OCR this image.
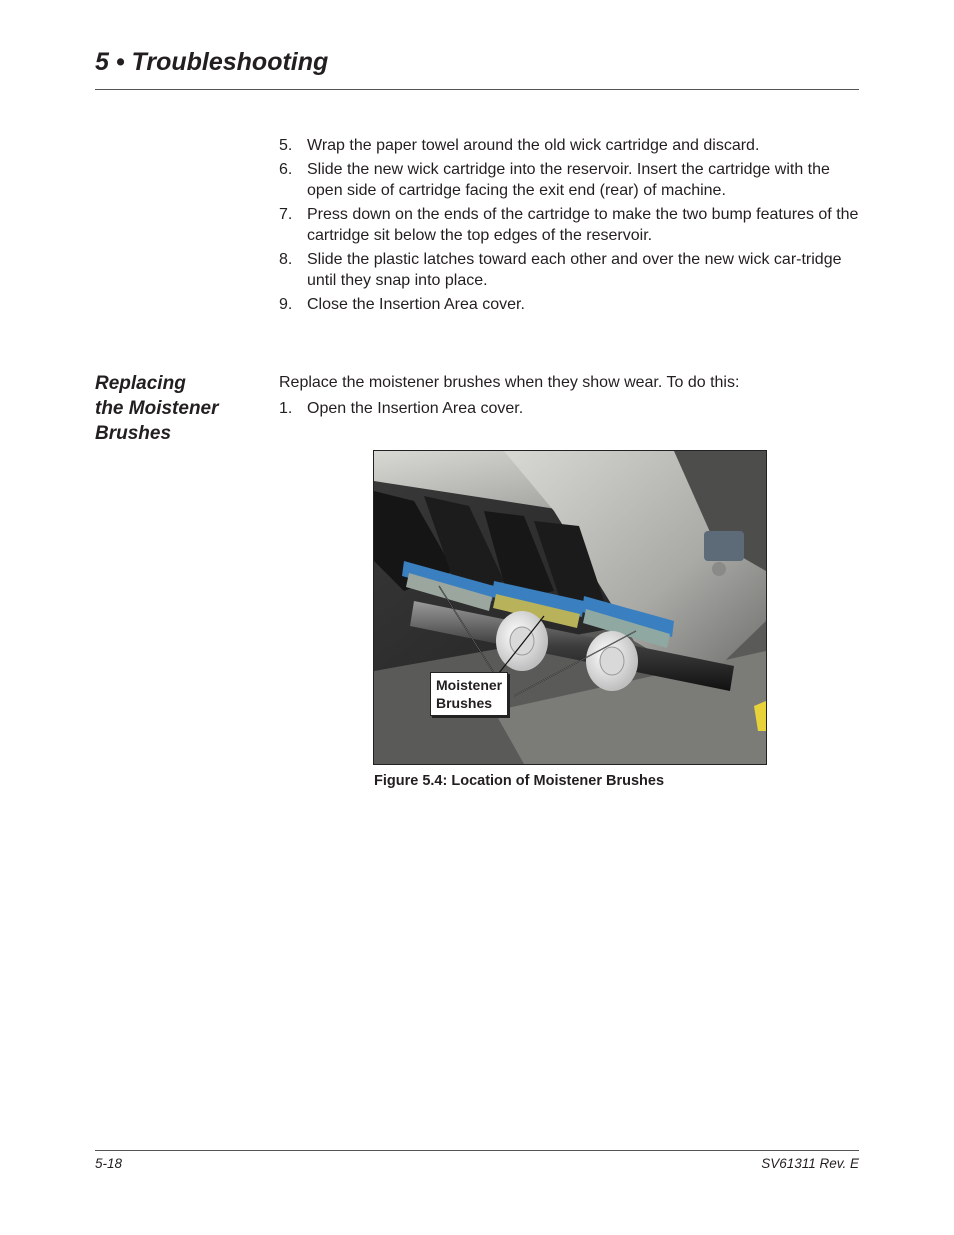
5 • Troubleshooting
5. Wrap the paper towel around the old wick cartridge and discard.
6. Slide the new wick cartridge into the reservoir. Insert the cartridge with the open side of cartridge facing the exit end (rear) of machine.
7. Press down on the ends of the cartridge to make the two bump features of the cartridge sit below the top edges of the reservoir.
8. Slide the plastic latches toward each other and over the new wick car-tridge until they snap into place.
9. Close the Insertion Area cover.
Replacing
the Moistener
Brushes

Replace the moistener brushes when they show wear. To do this:

1. Open the Insertion Area cover.
Moistener
Brushes

Figure 5.4: Location of Moistener Brushes

5-18	SV61311 Rev. E
